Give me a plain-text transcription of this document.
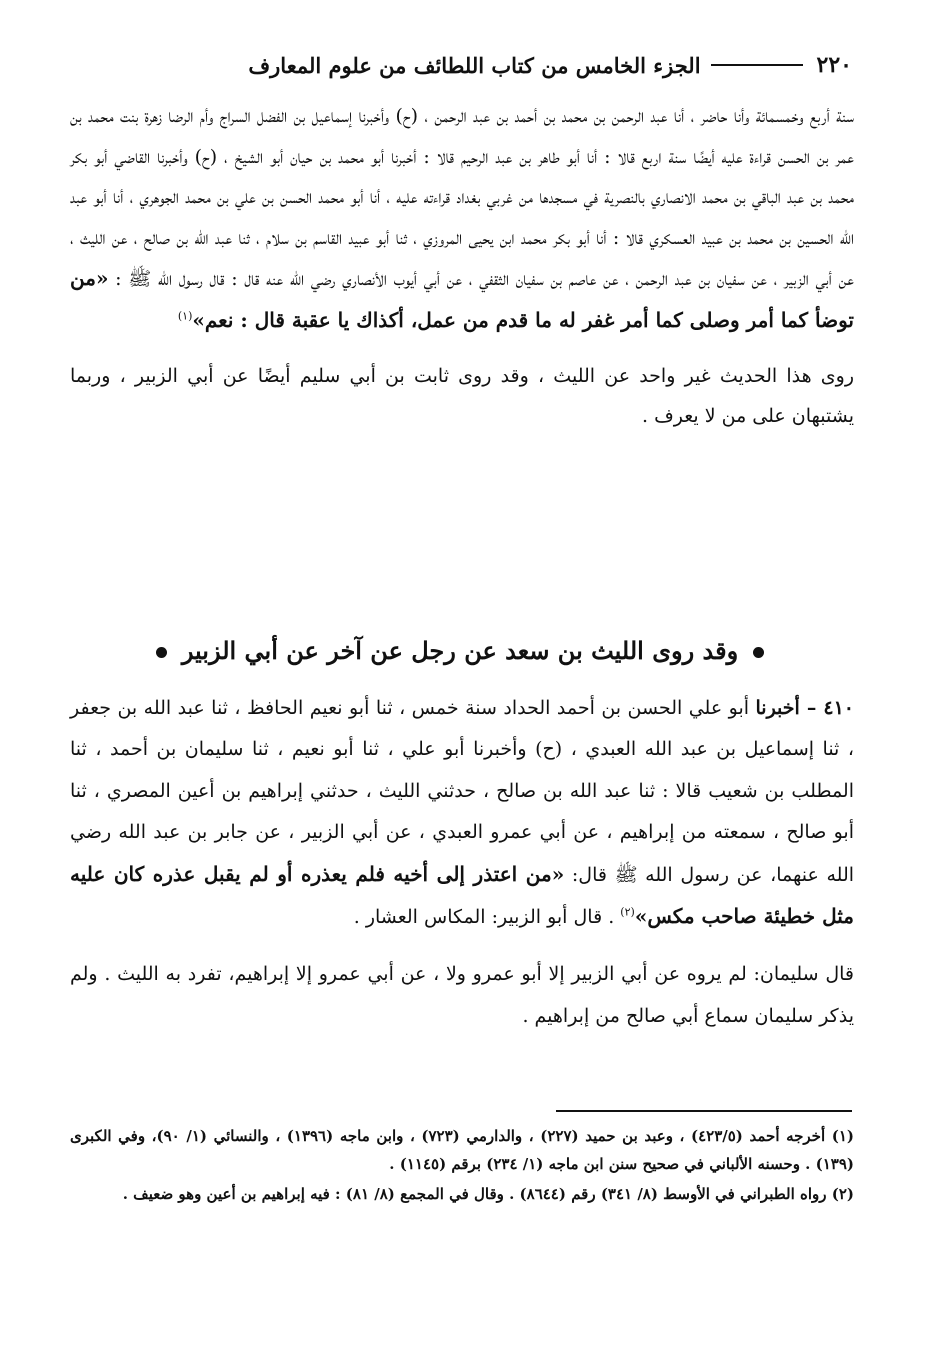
٢٢٠
الجزء الخامس من كتاب اللطائف من علوم المعارف

سنة أربع وخمسمائة وأنا حاضر ، أنا عبد الرحمن بن محمد بن أحمد بن عبد الرحمن ، (ح) وأخبرنا إسماعيل بن الفضل السراج وأم الرضا زهرة بنت محمد بن عمر بن الحسن قراءة عليه أيضًا سنة اربع قالا : أنا أبو طاهر بن عبد الرحيم قالا : أخبرنا أبو محمد بن حيان أبو الشيخ ، (ح) وأخبرنا القاضي أبو بكر محمد بن عبد الباقي بن محمد الانصاري بالنصرية في مسجدها من غربي بغداد قراءته عليه ، أنا أبو محمد الحسن بن علي بن محمد الجوهري ، أنا أبو عبد الله الحسين بن محمد بن عبيد العسكري قالا : أنا أبو بكر محمد ابن يحيى المروزي ، ثنا أبو عبيد القاسم بن سلام ، ثنا عبد الله بن صالح ، عن الليث ، عن أبي الزبير ، عن سفيان بن عبد الرحمن ، عن عاصم بن سفيان الثقفي ، عن أبي أيوب الأنصاري رضي الله عنه قال : قال رسول الله ﷺ : «من توضأ كما أمر وصلى كما أمر غفر له ما قدم من عمل، أكذاك يا عقبة قال : نعم»$^{(١)}$

روى هذا الحديث غير واحد عن الليث ، وقد روى ثابت بن أبي سليم أيضًا عن أبي الزبير ، وربما يشتبهان على من لا يعرف .

وقد روى الليث بن سعد عن رجل عن آخر عن أبي الزبير

٤١٠ – أخبرنا أبو علي الحسن بن أحمد الحداد سنة خمس ، ثنا أبو نعيم الحافظ ، ثنا عبد الله بن جعفر ، ثنا إسماعيل بن عبد الله العبدي ، (ح) وأخبرنا أبو علي ، ثنا أبو نعيم ، ثنا سليمان بن أحمد ، ثنا المطلب بن شعيب قالا : ثنا عبد الله بن صالح ، حدثني الليث ، حدثني إبراهيم بن أعين المصري ، ثنا أبو صالح ، سمعته من إبراهيم ، عن أبي عمرو العبدي ، عن أبي الزبير ، عن جابر بن عبد الله رضي الله عنهما، عن رسول الله ﷺ قال: «من اعتذر إلى أخيه فلم يعذره أو لم يقبل عذره كان عليه مثل خطيئة صاحب مكس»$^{(٢)}$ . قال أبو الزبير: المكاس العشار .

قال سليمان: لم يروه عن أبي الزبير إلا أبو عمرو ولا ، عن أبي عمرو إلا إبراهيم، تفرد به الليث . ولم يذكر سليمان سماع أبي صالح من إبراهيم .

(١) أخرجه أحمد (٤٢٣/٥) ، وعبد بن حميد (٢٢٧) ، والدارمي (٧٢٣) ، وابن ماجه (١٣٩٦) ، والنسائي (١/ ٩٠)، وفي الكبرى (١٣٩) . وحسنه الألباني في صحيح سنن ابن ماجه (١/ ٢٣٤) برقم (١١٤٥) .

(٢) رواه الطبراني في الأوسط (٨/ ٣٤١) رقم (٨٦٤٤) . وقال في المجمع (٨/ ٨١) : فيه إبراهيم بن أعين وهو ضعيف .
